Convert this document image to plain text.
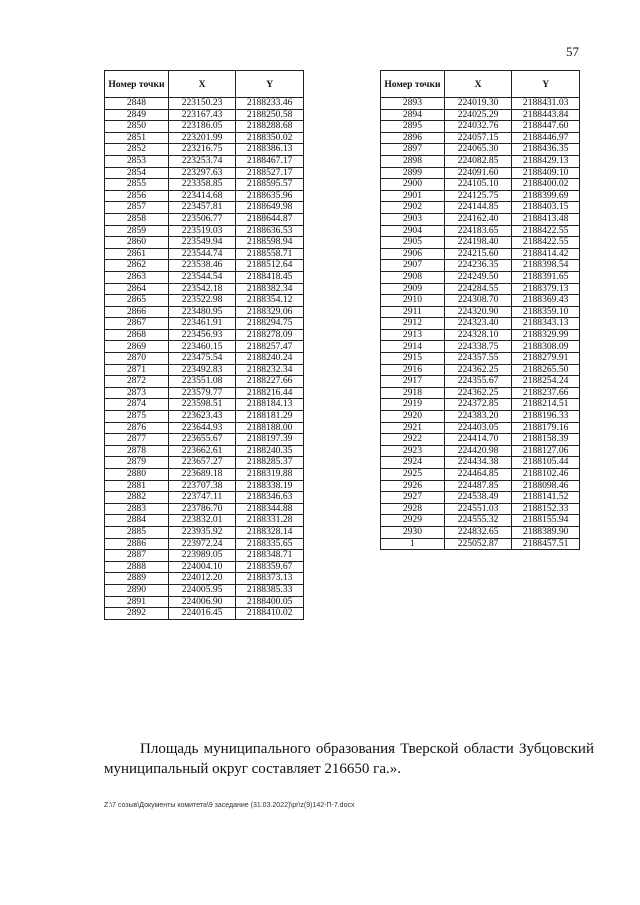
57
Номер точки	X	Y
2848	223150.23	2188233.46
2849	223167.43	2188250.58
2850	223186.05	2188288.68
2851	223201.99	2188350.02
2852	223216.75	2188386.13
2853	223253.74	2188467.17
2854	223297.63	2188527.17
2855	223358.85	2188595.57
2856	223414.68	2188635.96
2857	223457.81	2188649.98
2858	223506.77	2188644.87
2859	223519.03	2188636.53
2860	223549.94	2188598.94
2861	223544.74	2188558.71
2862	223538.46	2188512.64
2863	223544.54	2188418.45
2864	223542.18	2188382.34
2865	223522.98	2188354.12
2866	223480.95	2188329.06
2867	223461.91	2188294.75
2868	223456.93	2188278.09
2869	223460.15	2188257.47
2870	223475.54	2188240.24
2871	223492.83	2188232.34
2872	223551.08	2188227.66
2873	223579.77	2188216.44
2874	223598.51	2188184.13
2875	223623.43	2188181.29
2876	223644.93	2188188.00
2877	223655.67	2188197.39
2878	223662.61	2188240.35
2879	223657.27	2188285.37
2880	223689.18	2188319.88
2881	223707.38	2188338.19
2882	223747.11	2188346.63
2883	223786.70	2188344.88
2884	223832.01	2188331.28
2885	223935.92	2188328.14
2886	223972.24	2188335.65
2887	223989.05	2188348.71
2888	224004.10	2188359.67
2889	224012.20	2188373.13
2890	224005.95	2188385.33
2891	224006.90	2188400.05
2892	224016.45	2188410.02
Номер точки	X	Y
2893	224019.30	2188431.03
2894	224025.29	2188443.84
2895	224032.76	2188447.60
2896	224057.15	2188446.97
2897	224065.30	2188436.35
2898	224082.85	2188429.13
2899	224091.60	2188409.10
2900	224105.10	2188400.02
2901	224125.75	2188399.69
2902	224144.85	2188403.15
2903	224162.40	2188413.48
2904	224183.65	2188422.55
2905	224198.40	2188422.55
2906	224215.60	2188414.42
2907	224236.35	2188398.54
2908	224249.50	2188391.65
2909	224284.55	2188379.13
2910	224308.70	2188369.43
2911	224320.90	2188359.10
2912	224323.40	2188343.13
2913	224328.10	2188329.99
2914	224338.75	2188308.09
2915	224357.55	2188279.91
2916	224362.25	2188265.50
2917	224355.67	2188254.24
2918	224362.25	2188237.66
2919	224372.85	2188214.51
2920	224383.20	2188196.33
2921	224403.05	2188179.16
2922	224414.70	2188158.39
2923	224420.98	2188127.06
2924	224434.38	2188105.44
2925	224464.85	2188102.46
2926	224487.85	2188098.46
2927	224538.49	2188141.52
2928	224551.03	2188152.33
2929	224555.32	2188155.94
2930	224832.65	2188389.90
1	225052.87	2188457.51

Площадь муниципального образования Тверской области Зубцовский муниципальный округ составляет 216650 га.».

Z:\7 созыв\Документы комитета\9 заседание (31.03.2022)\pr\z(9)142-П-7.docx
